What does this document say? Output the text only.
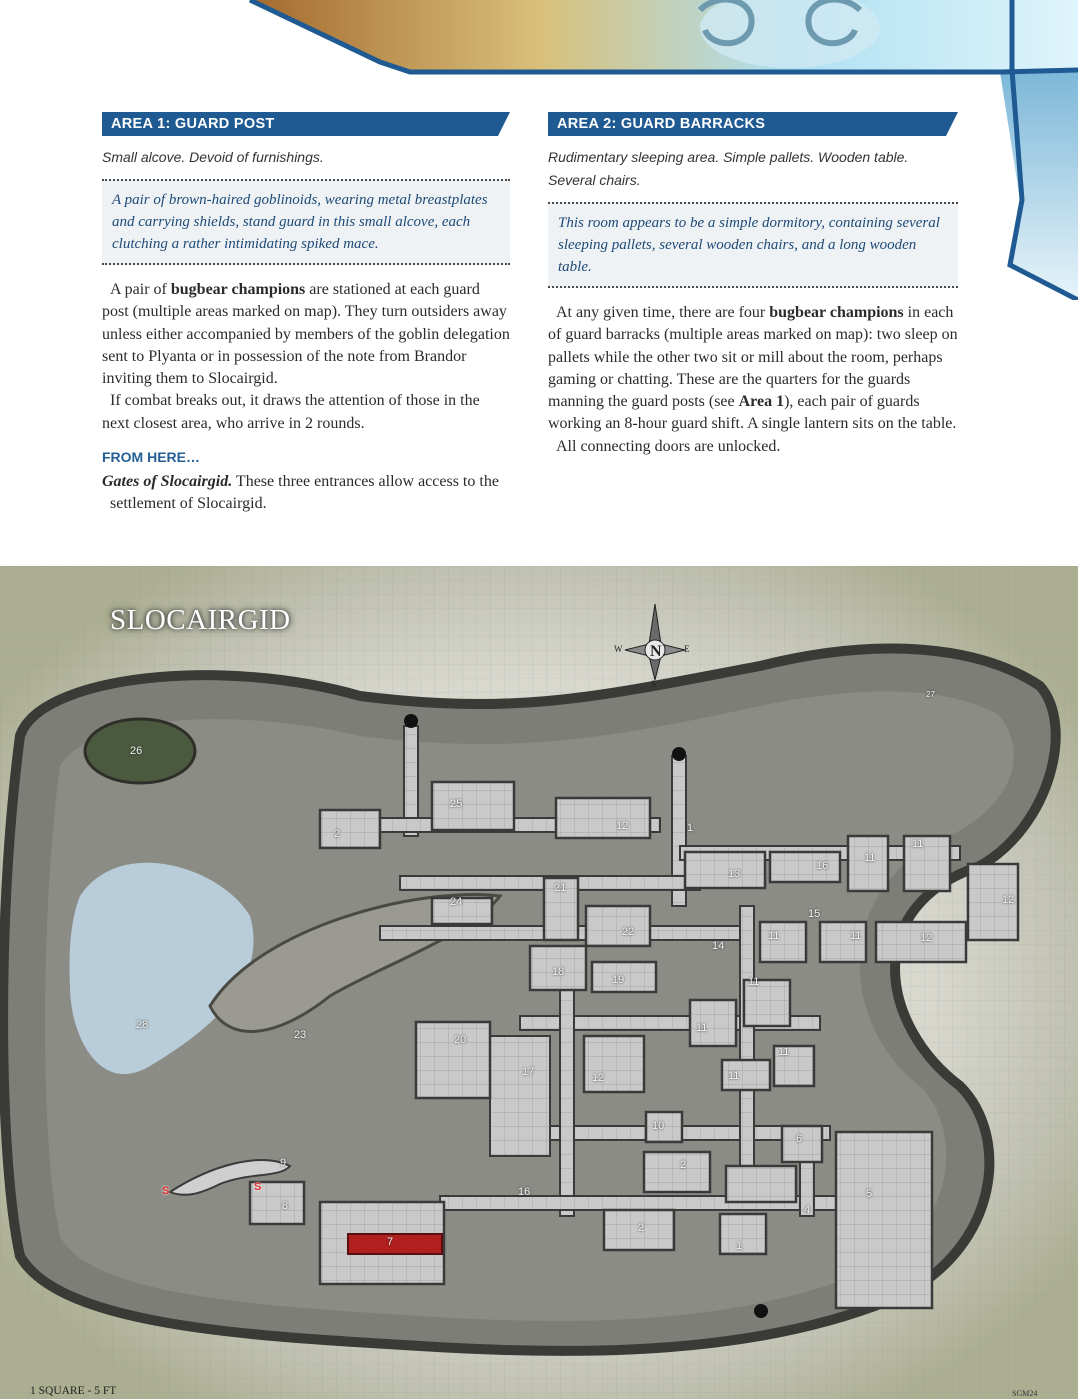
AREA 1: GUARD POST

Small alcove. Devoid of furnishings.

A pair of brown-haired goblinoids, wearing metal breastplates and carrying shields, stand guard in this small alcove, each clutching a rather intimidating spiked mace.

A pair of bugbear champions are stationed at each guard post (multiple areas marked on map). They turn outsiders away unless either accompanied by members of the goblin delegation sent to Plyanta or in possession of the note from Brandor inviting them to Slocairgid.

If combat breaks out, it draws the attention of those in the next closest area, who arrive in 2 rounds.

FROM HERE…

Gates of Slocairgid. These three entrances allow access to the settlement of Slocairgid.

AREA 2: GUARD BARRACKS

Rudimentary sleeping area. Simple pallets. Wooden table. Several chairs.

This room appears to be a simple dormitory, containing several sleeping pallets, several wooden chairs, and a long wooden table.

At any given time, there are four bugbear champions in each of guard barracks (multiple areas marked on map): two sleep on pallets while the other two sit or mill about the room, perhaps gaming or chatting. These are the quarters for the guards manning the guard posts (see Area 1), each pair of guards working an 8-hour guard shift. A single lantern sits on the table.

All connecting doors are unlocked.

SLOCAIRGID
N
S
E
W
26
25
2
12	1
13
16
11
11
12
21
24
22
15
11	11	12
14
18
19	11
28
23	20
11
17	12
11
11
10
6
9	2
5
8
16
7
2
4
1
27
S	S
1 SQUARE - 5 FT	SGM24
